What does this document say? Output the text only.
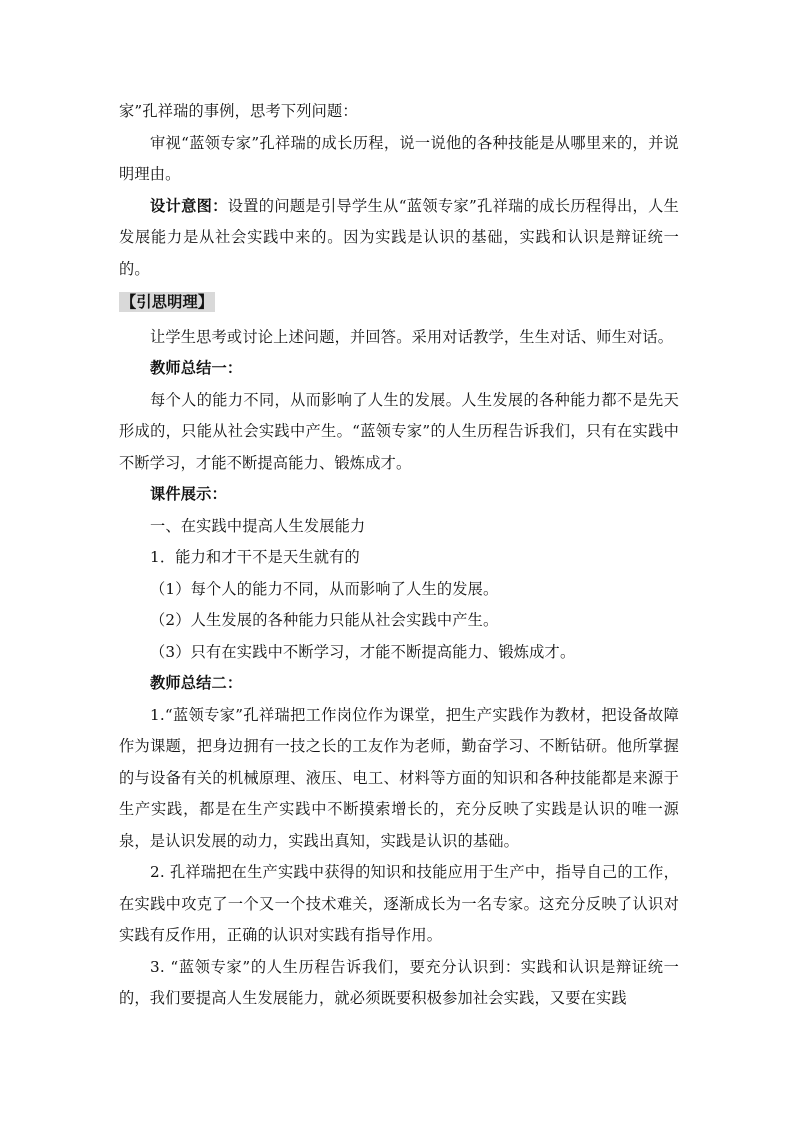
家”孔祥瑞的事例，思考下列问题：

审视“蓝领专家”孔祥瑞的成长历程，说一说他的各种技能是从哪里来的，并说明理由。

设计意图：设置的问题是引导学生从“蓝领专家”孔祥瑞的成长历程得出，人生发展能力是从社会实践中来的。因为实践是认识的基础，实践和认识是辩证统一的。

【引思明理】

让学生思考或讨论上述问题，并回答。采用对话教学，生生对话、师生对话。

教师总结一：

每个人的能力不同，从而影响了人生的发展。人生发展的各种能力都不是先天形成的，只能从社会实践中产生。“蓝领专家”的人生历程告诉我们，只有在实践中不断学习，才能不断提高能力、锻炼成才。

课件展示：

一、在实践中提高人生发展能力

1．能力和才干不是天生就有的

（1）每个人的能力不同，从而影响了人生的发展。

（2）人生发展的各种能力只能从社会实践中产生。

（3）只有在实践中不断学习，才能不断提高能力、锻炼成才。

教师总结二：

1.“蓝领专家”孔祥瑞把工作岗位作为课堂，把生产实践作为教材，把设备故障作为课题，把身边拥有一技之长的工友作为老师，勤奋学习、不断钻研。他所掌握的与设备有关的机械原理、液压、电工、材料等方面的知识和各种技能都是来源于生产实践，都是在生产实践中不断摸索增长的，充分反映了实践是认识的唯一源泉，是认识发展的动力，实践出真知，实践是认识的基础。

2. 孔祥瑞把在生产实践中获得的知识和技能应用于生产中，指导自己的工作，在实践中攻克了一个又一个技术难关，逐渐成长为一名专家。这充分反映了认识对实践有反作用，正确的认识对实践有指导作用。

3. “蓝领专家”的人生历程告诉我们，要充分认识到：实践和认识是辩证统一的，我们要提高人生发展能力，就必须既要积极参加社会实践，又要在实践
